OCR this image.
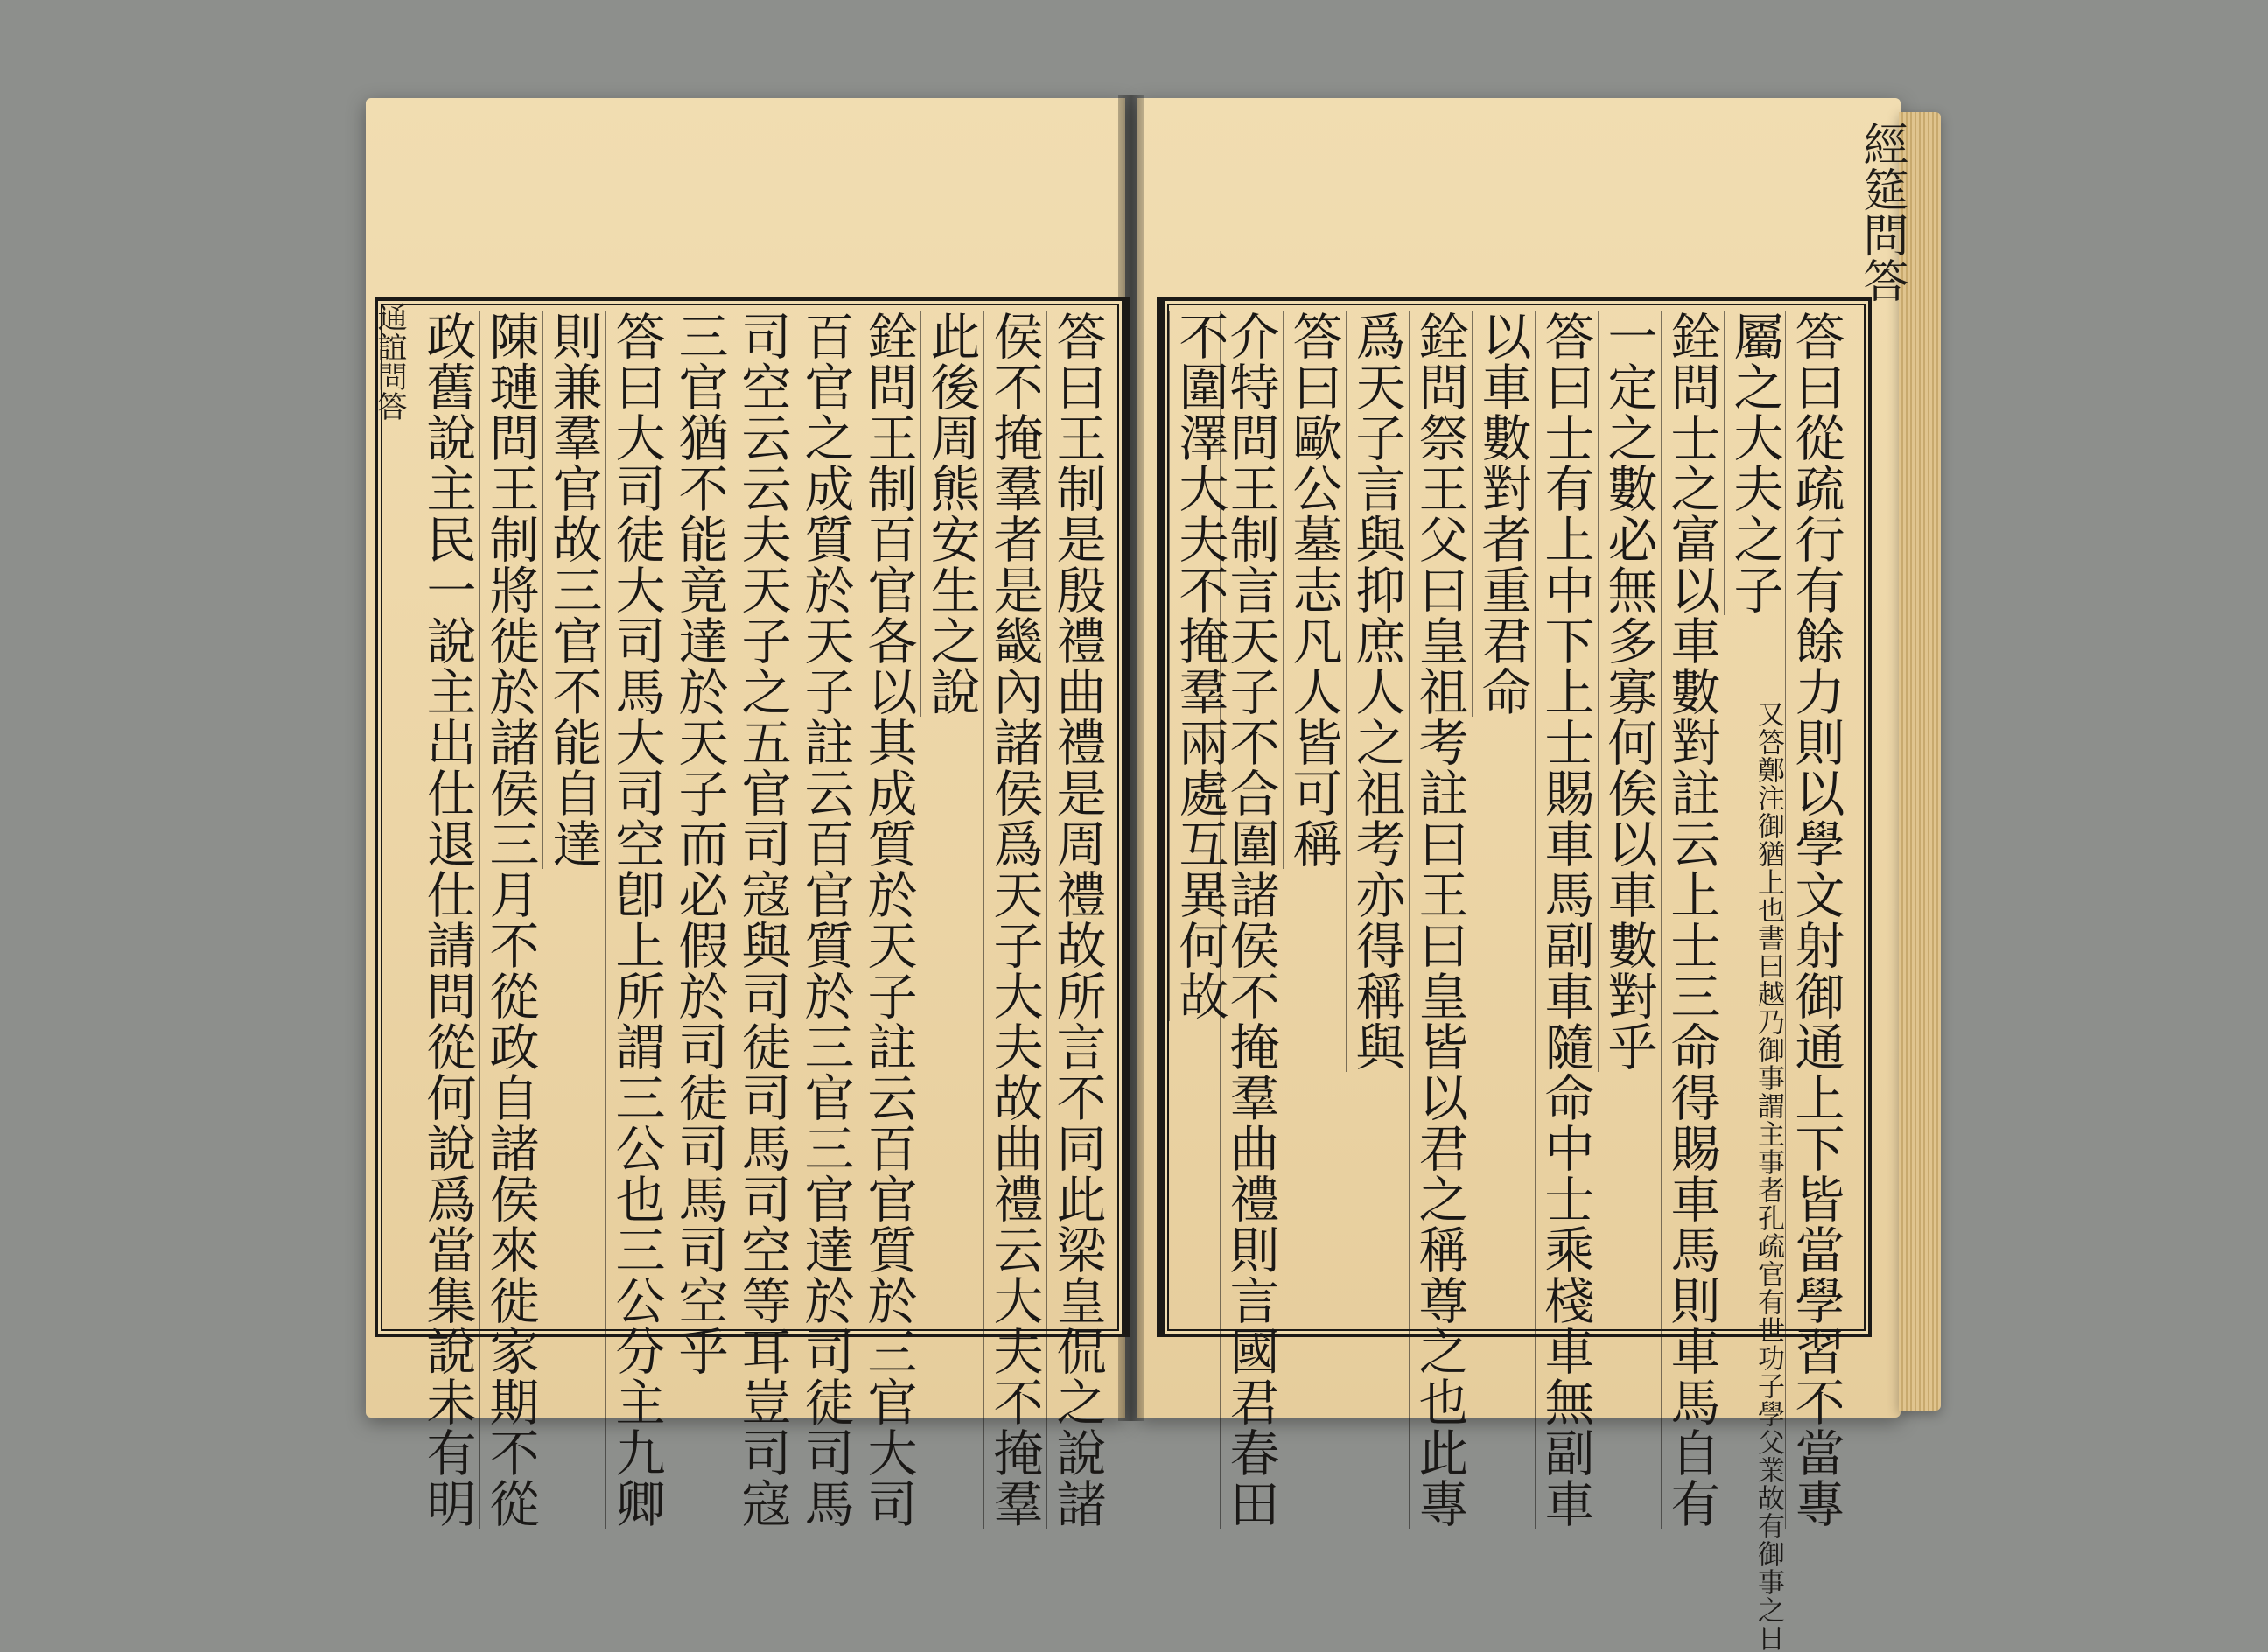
通誼問答
經筵問答
答曰王制是殷禮曲禮是周禮故所言不同此梁皇侃之說諸
侯不掩羣者是畿內諸侯爲天子大夫故曲禮云大夫不掩羣
此後周熊安生之說
銓問王制百官各以其成質於天子註云百官質於三官大司
百官之成質於天子註云百官質於三官三官達於司徒司馬
司空云云夫天子之五官司寇與司徒司馬司空等耳豈司寇
三官猶不能竟達於天子而必假於司徒司馬司空乎
答曰大司徒大司馬大司空卽上所謂三公也三公分主九卿
則兼羣官故三官不能自達
陳璉問王制將徙於諸侯三月不從政自諸侯來徙家期不從
政舊說主民一說主出仕退仕請問從何說爲當集說未有明	答曰從疏行有餘力則以學文射御通上下皆當學習不當專
屬之大夫之子
又答鄭注御猶上也書曰越乃御事謂主事者
孔疏官有世功子學父業故有御事之日
銓問士之富以車數對註云上士三命得賜車馬則車馬自有
一定之數必無多寡何俟以車數對乎
答曰士有上中下上士賜車馬副車隨命中士乘棧車無副車
以車數對者重君命
銓問祭王父曰皇祖考註曰王曰皇皆以君之稱尊之也此專
爲天子言與抑庶人之祖考亦得稱與
答曰歐公墓志凡人皆可稱
介特問王制言天子不合圍諸侯不掩羣曲禮則言國君春田
不圍澤大夫不掩羣兩處互異何故
